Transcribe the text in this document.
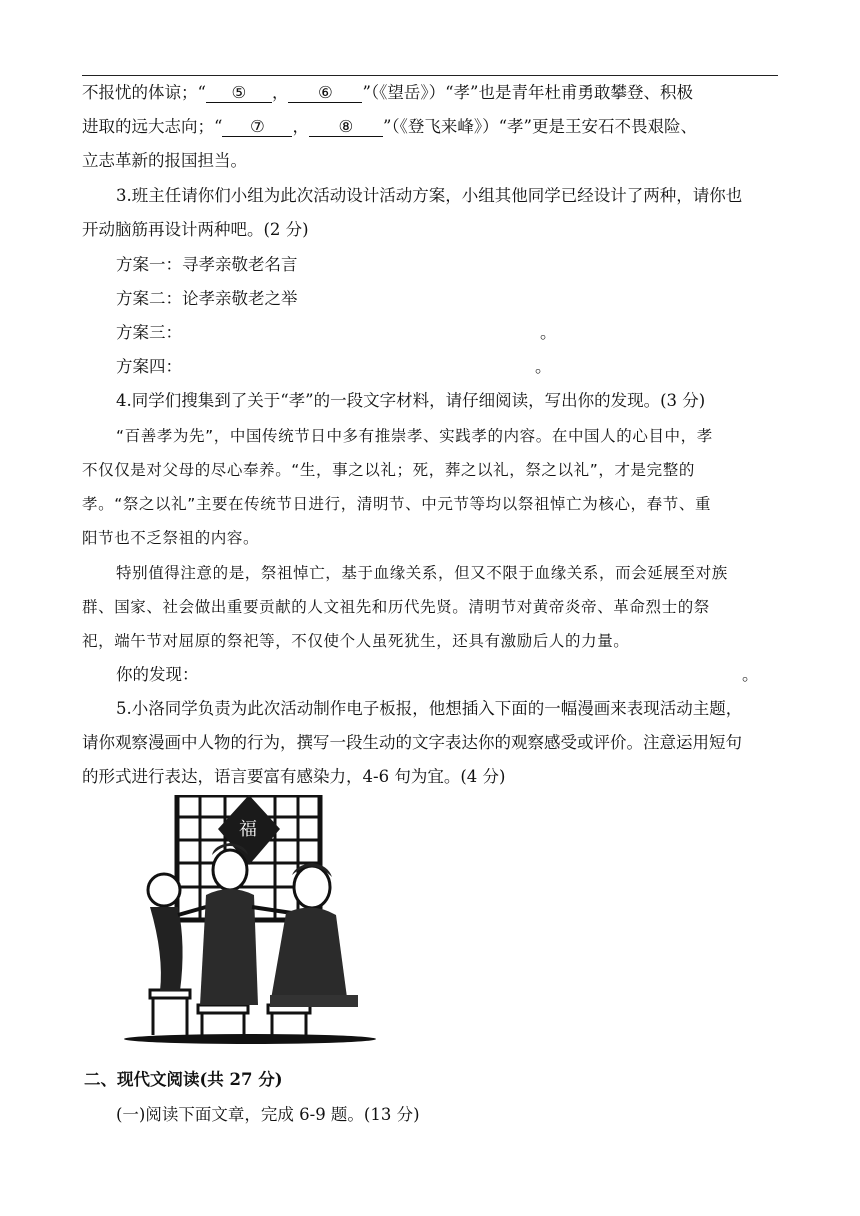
不报忧的体谅；“ ⑤ ， ⑥ ”（《望岳》）“孝”也是青年杜甫勇敢攀登、积极
进取的远大志向；“ ⑦ ， ⑧ ”（《登飞来峰》）“孝”更是王安石不畏艰险、
立志革新的报国担当。
3.班主任请你们小组为此次活动设计活动方案，小组其他同学已经设计了两种，请你也
开动脑筋再设计两种吧。(2 分)
方案一：寻孝亲敬老名言
方案二：论孝亲敬老之举
方案三：	。
方案四：	。
4.同学们搜集到了关于“孝”的一段文字材料，请仔细阅读，写出你的发现。(3 分)
“百善孝为先”，中国传统节日中多有推崇孝、实践孝的内容。在中国人的心目中，孝
不仅仅是对父母的尽心奉养。“生，事之以礼；死，葬之以礼，祭之以礼”，才是完整的
孝。“祭之以礼”主要在传统节日进行，清明节、中元节等均以祭祖悼亡为核心，春节、重
阳节也不乏祭祖的内容。
特别值得注意的是，祭祖悼亡，基于血缘关系，但又不限于血缘关系，而会延展至对族
群、国家、社会做出重要贡献的人文祖先和历代先贤。清明节对黄帝炎帝、革命烈士的祭
祀，端午节对屈原的祭祀等，不仅使个人虽死犹生，还具有激励后人的力量。
你的发现：	。
5.小洛同学负责为此次活动制作电子板报，他想插入下面的一幅漫画来表现活动主题，
请你观察漫画中人物的行为，撰写一段生动的文字表达你的观察感受或评价。注意运用短句
的形式进行表达，语言要富有感染力，4-6 句为宜。(4 分)
福
二、现代文阅读(共 27 分)
(一)阅读下面文章，完成 6-9 题。(13 分)
